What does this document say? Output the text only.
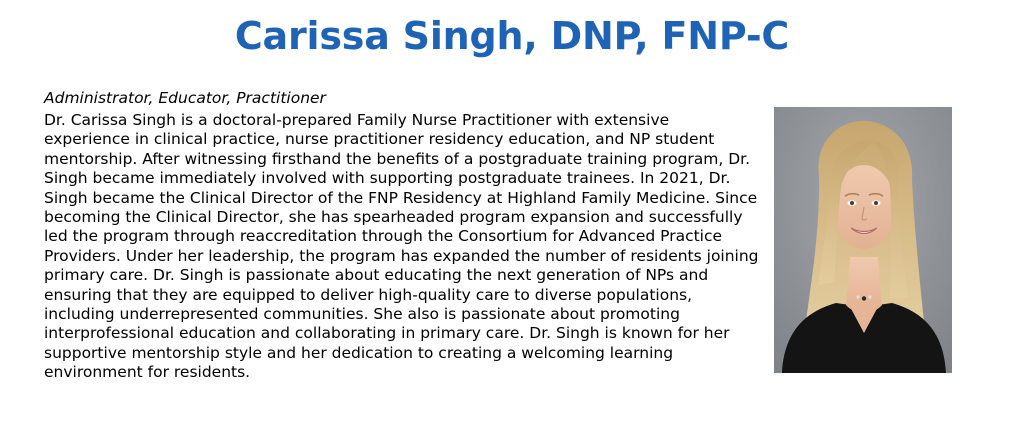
Carissa Singh, DNP, FNP-C

Administrator, Educator, Practitioner

Dr. Carissa Singh is a doctoral-prepared Family Nurse Practitioner with extensive experience in clinical practice, nurse practitioner residency education, and NP student mentorship. After witnessing firsthand the benefits of a postgraduate training program, Dr. Singh became immediately involved with supporting postgraduate trainees. In 2021, Dr. Singh became the Clinical Director of the FNP Residency at Highland Family Medicine. Since becoming the Clinical Director, she has spearheaded program expansion and successfully led the program through reaccreditation through the Consortium for Advanced Practice Providers. Under her leadership, the program has expanded the number of residents joining primary care. Dr. Singh is passionate about educating the next generation of NPs and ensuring that they are equipped to deliver high-quality care to diverse populations, including underrepresented communities. She also is passionate about promoting interprofessional education and collaborating in primary care. Dr. Singh is known for her supportive mentorship style and her dedication to creating a welcoming learning environment for residents.
